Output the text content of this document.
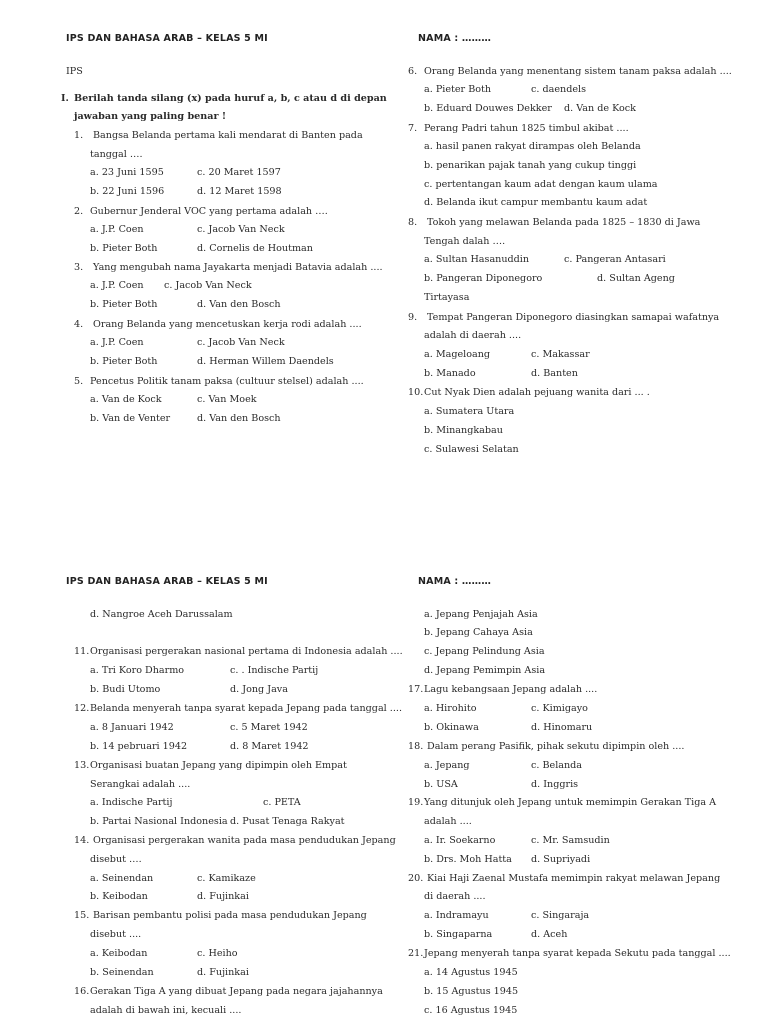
IPS DAN BAHASA ARAB – KELAS 5 MI	NAMA : ………
IPS
I. Berilah tanda silang (x) pada huruf a, b, c atau d di depan
jawaban yang paling benar !
1. Bangsa Belanda pertama kali mendarat di Banten pada
tanggal ….
a. 23 Juni 1595	c. 20 Maret 1597
b. 22 Juni 1596	d. 12 Maret 1598
2. Gubernur Jenderal VOC yang pertama adalah ….
a. J.P. Coen	c. Jacob Van Neck
b. Pieter Both	d. Cornelis de Houtman
3. Yang mengubah nama Jayakarta menjadi Batavia adalah ....
a. J.P. Coen c. Jacob Van Neck
b. Pieter Both	d. Van den Bosch
4. Orang Belanda yang mencetuskan kerja rodi adalah ....
a. J.P. Coen	c. Jacob Van Neck
b. Pieter Both	d. Herman Willem Daendels
5. Pencetus Politik tanam paksa (cultuur stelsel) adalah ....
a. Van de Kock	c. Van Moek
b. Van de Venter	d. Van den Bosch
6. Orang Belanda yang menentang sistem tanam paksa adalah ....
a. Pieter Both	c. daendels
b. Eduard Douwes Dekker d. Van de Kock
7. Perang Padri tahun 1825 timbul akibat ....
a. hasil panen rakyat dirampas oleh Belanda
b. penarikan pajak tanah yang cukup tinggi
c. pertentangan kaum adat dengan kaum ulama
d. Belanda ikut campur membantu kaum adat
8. Tokoh yang melawan Belanda pada 1825 – 1830 di Jawa
Tengah dalah ….
a. Sultan Hasanuddin	c. Pangeran Antasari
b. Pangeran Diponegoro	d. Sultan Ageng
Tirtayasa
9. Tempat Pangeran Diponegoro diasingkan samapai wafatnya
adalah di daerah ....
a. Mageloang	c. Makassar
b. Manado	d. Banten
10. Cut Nyak Dien adalah pejuang wanita dari ... .
a. Sumatera Utara
b. Minangkabau
c. Sulawesi Selatan
IPS DAN BAHASA ARAB – KELAS 5 MI	NAMA : ………
d. Nangroe Aceh Darussalam
11. Organisasi pergerakan nasional pertama di Indonesia adalah ....
a. Tri Koro Dharmo	c. . Indische Partij
b. Budi Utomo	d. Jong Java
12. Belanda menyerah tanpa syarat kepada Jepang pada tanggal ....
a. 8 Januari 1942	c. 5 Maret 1942
b. 14 pebruari 1942	d. 8 Maret 1942
13. Organisasi buatan Jepang yang dipimpin oleh Empat
Serangkai adalah ....
a. Indische Partij	c. PETA
b. Partai Nasional Indonesia d. Pusat Tenaga Rakyat
14. Organisasi pergerakan wanita pada masa pendudukan Jepang
disebut ….
a. Seinendan	c. Kamikaze
b. Keibodan	d. Fujinkai
15. Barisan pembantu polisi pada masa pendudukan Jepang
disebut ....
a. Keibodan	c. Heiho
b. Seinendan	d. Fujinkai
16. Gerakan Tiga A yang dibuat Jepang pada negara jajahannya
adalah di bawah ini, kecuali ....
a. Jepang Penjajah Asia
b. Jepang Cahaya Asia
c. Jepang Pelindung Asia
d. Jepang Pemimpin Asia
17. Lagu kebangsaan Jepang adalah ....
a. Hirohito	c. Kimigayo
b. Okinawa	d. Hinomaru
18. Dalam perang Pasifik, pihak sekutu dipimpin oleh ....
a. Jepang	c. Belanda
b. USA	d. Inggris
19. Yang ditunjuk oleh Jepang untuk memimpin Gerakan Tiga A
adalah ....
a. Ir. Soekarno	c. Mr. Samsudin
b. Drs. Moh Hatta d. Supriyadi
20. Kiai Haji Zaenal Mustafa memimpin rakyat melawan Jepang
di daerah ....
a. Indramayu	c. Singaraja
b. Singaparna	d. Aceh
21. Jepang menyerah tanpa syarat kepada Sekutu pada tanggal ....
a. 14 Agustus 1945
b. 15 Agustus 1945
c. 16 Agustus 1945
